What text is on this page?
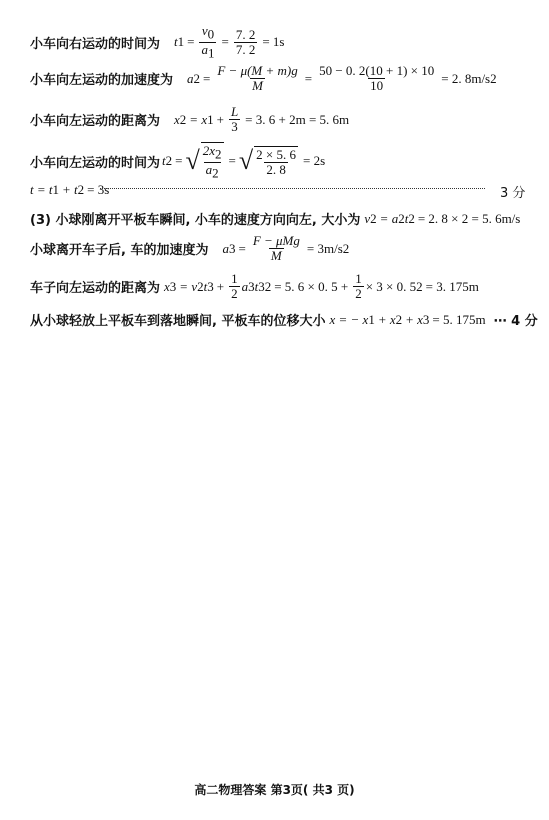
小车向右运动的时间为 t $1 = \frac{v_0}{a_1} = \frac{7. 2}{7. 2} = 1s$
小车向左运动的加速度为 a $2 = \frac{F - \mu(M + m)g}{M} = \frac{50 - 0. 2(10 + 1) \times 10}{10} = 2$. 8m/s 2
小车向左运动的距离为 x 2 = x $1 + \frac{L}{3} = 3$. 6 + 2m = 5. 6m
小车向左运动的时间为 t 2 = √ $\frac{2x_2}{a_2}$ = √ $\frac{2 \times 5. 6}{2. 8} = 2s$
t = t 1 + t 2 = 3s	3 分
(3) 小球刚离开平板车瞬间, 小车的速度方向向左, 大小为 v 2 = a 2 t 2 = 2. 8 × 2 = 5. 6m/s
小球离开车子后, 车的加速度为 a $3 = \frac{\text{F − μMg}}{M} = 3m/s$ 2
车子向左运动的距离为 x 3 = v 2 t $3 + \frac{1}{2}$ a 3 t 3 2 = 5. 6 × 0. $5 + \frac{1}{2} \times 3 \times 0$. 5 2 = 3. 175m
从小球轻放上平板车到落地瞬间, 平板车的位移大小 x = − x 1 + x 2 + x 3 = 5. 175m ⋯ 4 分
高二物理答案 第3页( 共3 页)
